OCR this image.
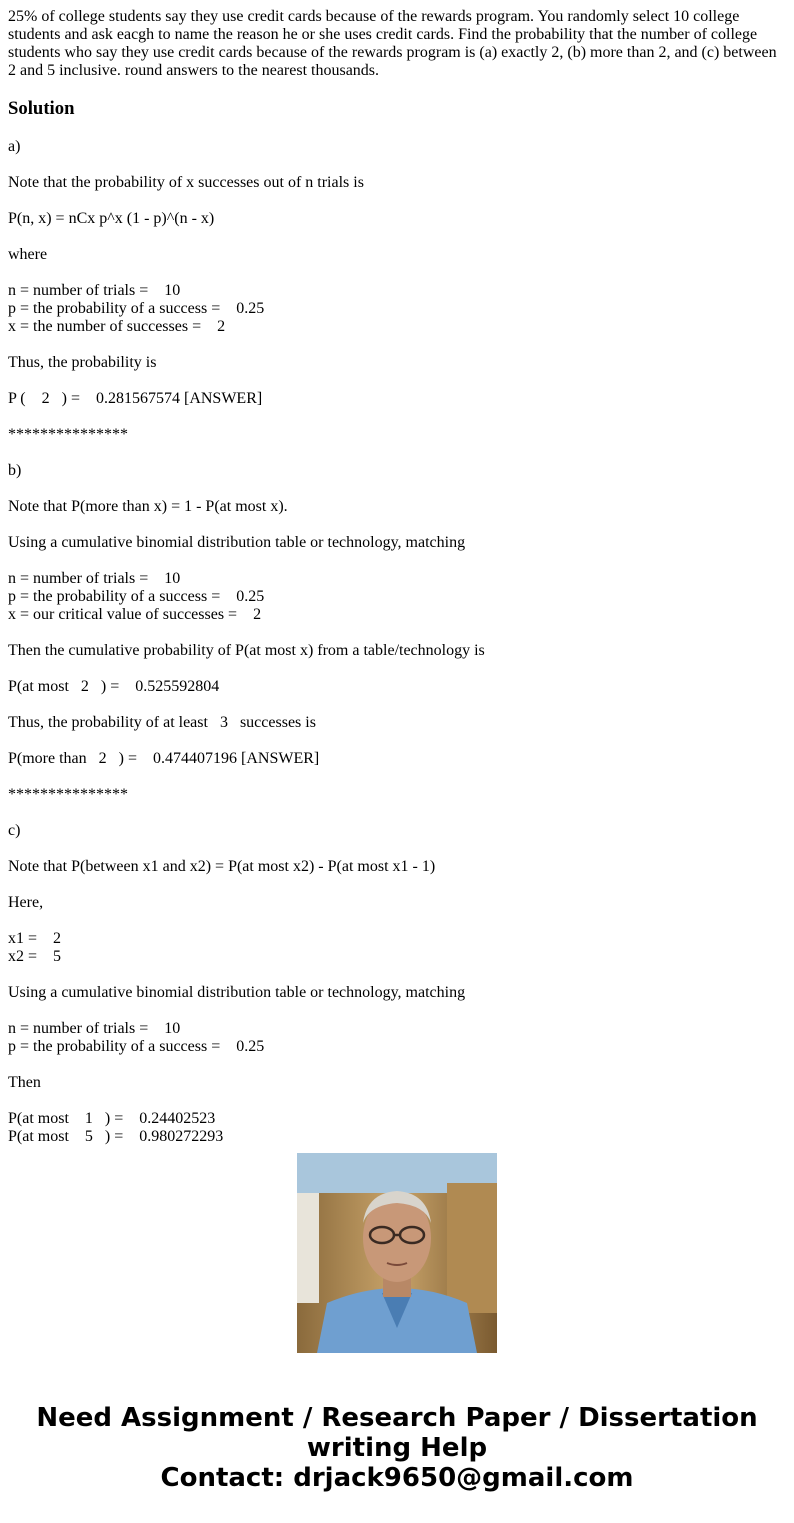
25% of college students say they use credit cards because of the rewards program. You randomly select 10 college students and ask eacgh to name the reason he or she uses credit cards. Find the probability that the number of college students who say they use credit cards because of the rewards program is (a) exactly 2, (b) more than 2, and (c) between 2 and 5 inclusive. round answers to the nearest thousands.
Solution

a)

Note that the probability of x successes out of n trials is

P(n, x) = nCx p^x (1 - p)^(n - x)

where

n = number of trials =    10
p = the probability of a success =    0.25
x = the number of successes =    2

Thus, the probability is

P (    2   ) =    0.281567574 [ANSWER]

***************

b)

Note that P(more than x) = 1 - P(at most x).

Using a cumulative binomial distribution table or technology, matching

n = number of trials =    10
p = the probability of a success =    0.25
x = our critical value of successes =    2

Then the cumulative probability of P(at most x) from a table/technology is

P(at most   2   ) =    0.525592804

Thus, the probability of at least   3   successes is

P(more than   2   ) =    0.474407196 [ANSWER]

***************

c)

Note that P(between x1 and x2) = P(at most x2) - P(at most x1 - 1)

Here,

x1 =    2
x2 =    5

Using a cumulative binomial distribution table or technology, matching

n = number of trials =    10
p = the probability of a success =    0.25

Then

P(at most    1   ) =    0.24402523
P(at most    5   ) =    0.980272293
Need Assignment / Research Paper / Dissertation
writing Help
Contact: drjack9650@gmail.com
